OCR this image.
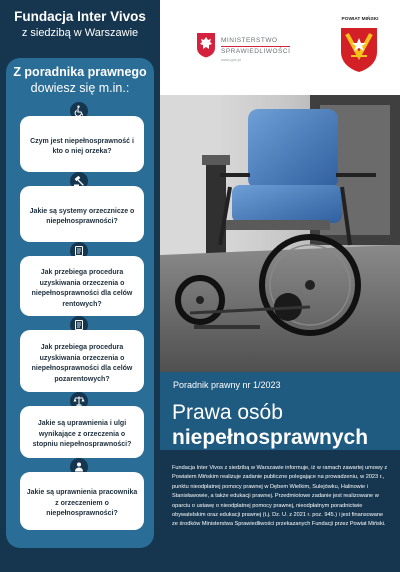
Fundacja Inter Vivos
z siedzibą w Warszawie
Z poradnika prawnego
dowiesz się m.in.:
Czym jest niepełnosprawność i kto o niej orzeka?
Jakie są systemy orzecznicze o niepełnosprawności?
Jak przebiega procedura uzyskiwania orzeczenia o niepełnosprawności dla celów rentowych?
Jak przebiega procedura uzyskiwania orzeczenia o niepełnosprawności dla celów pozarentowych?
Jakie są uprawnienia i ulgi wynikające z orzeczenia o stopniu niepełnosprawności?
Jakie są uprawnienia pracownika z orzeczeniem o niepełnosprawności?
MINISTERSTWO
SPRAWIEDLIWOŚCI
www.gov.pl
POWIAT MIŃSKI
Poradnik prawny nr 1/2023
Prawa osób
niepełnosprawnych
Fundacja Inter Vivos z siedzibą w Warszawie informuje, iż w ramach zawartej umowy z Powiatem Mińskim realizuje zadanie publiczne polegające na prowadzeniu, w 2023 r., punktu nieodpłatnej pomocy prawnej w Dębem Wielkim, Sulejówku, Halinowie i Stanisławowie, a także edukacji prawnej. Przedmiotowe zadanie jest realizowane w oparciu o ustawę o nieodpłatnej pomocy prawnej, nieodpłatnym poradnictwie obywatelskim oraz edukacji prawnej (t.j. Dz. U. z 2021 r. poz. 945.) i jest finansowane ze środków Ministerstwa Sprawiedliwości przekazanych Fundacji przez Powiat Miński.
